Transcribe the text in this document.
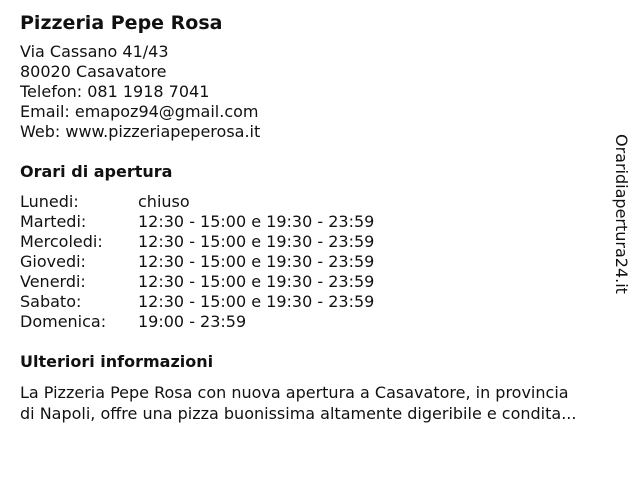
Pizzeria Pepe Rosa
Via Cassano 41/43
80020 Casavatore
Telefon: 081 1918 7041
Email: emapoz94@gmail.com
Web: www.pizzeriapeperosa.it
Orari di apertura
Lunedi:	chiuso
Martedi:	12:30 - 15:00 e 19:30 - 23:59
Mercoledi:	12:30 - 15:00 e 19:30 - 23:59
Giovedi:	12:30 - 15:00 e 19:30 - 23:59
Venerdi:	12:30 - 15:00 e 19:30 - 23:59
Sabato:	12:30 - 15:00 e 19:30 - 23:59
Domenica:	19:00 - 23:59
Ulteriori informazioni

La Pizzeria Pepe Rosa con nuova apertura a Casavatore, in provincia

di Napoli, offre una pizza buonissima altamente digeribile e condita...

Oraridiapertura24.it
